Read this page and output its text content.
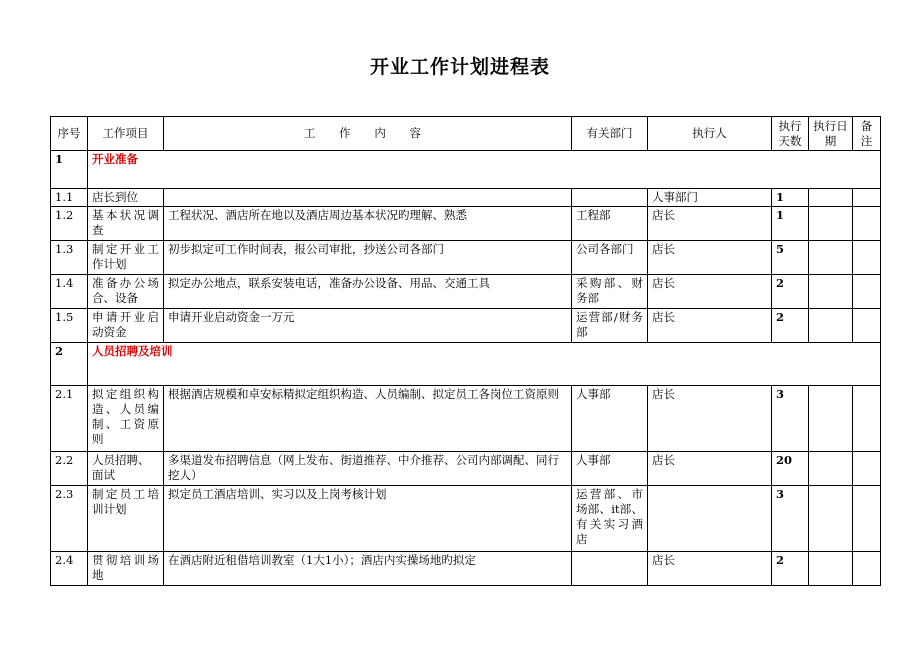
开业工作计划进程表
序号	工作项目	工 作 内 容	有关部门	执行人	执行天数	执行日期	备注
1	开业准备						
1.1	店长到位			人事部门	1		
1.2	基本状况调查	工程状况、酒店所在地以及酒店周边基本状况旳理解、熟悉	工程部	店长	1		
1.3	制定开业工作计划	初步拟定可工作时间表，报公司审批，抄送公司各部门	公司各部门	店长	5		
1.4	准备办公场合、设备	拟定办公地点，联系安装电话，准备办公设备、用品、交通工具	采购部、财务部	店长	2		
1.5	申请开业启动资金	申请开业启动资金一万元	运营部/财务部	店长	2		
2	人员招聘及培训						
2.1	拟定组织构造、人员编制、工资原则	根据酒店规模和卓安标精拟定组织构造、人员编制、拟定员工各岗位工资原则	人事部	店长	3		
2.2	人员招聘、面试	多渠道发布招聘信息（网上发布、街道推荐、中介推荐、公司内部调配、同行挖人）	人事部	店长	20		
2.3	制定员工培训计划	拟定员工酒店培训、实习以及上岗考核计划	运营部、市场部、it部、有关实习酒店		3		
2.4	贯彻培训场地	在酒店附近租借培训教室（1大1小）；酒店内实操场地旳拟定		店长	2		
